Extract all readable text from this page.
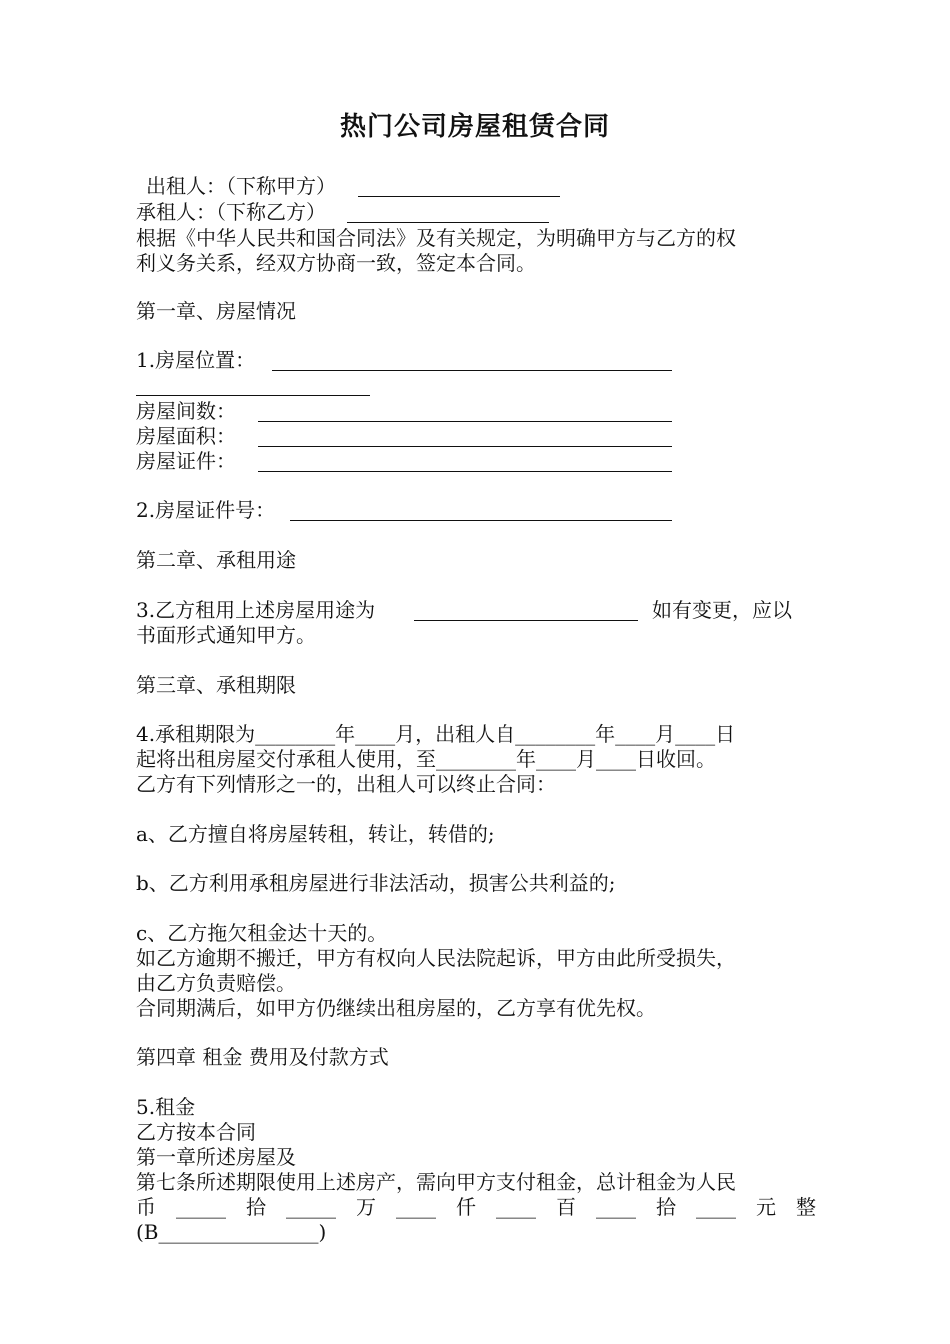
热门公司房屋租赁合同
出租人：（下称甲方）
承租人：（下称乙方）
根据《中华人民共和国合同法》及有关规定，为明确甲方与乙方的权
利义务关系，经双方协商一致，签定本合同。
第一章、房屋情况
1.房屋位置：
房屋间数：
房屋面积：
房屋证件：
2.房屋证件号：
第二章、承租用途
3.乙方租用上述房屋用途为	如有变更，应以
书面形式通知甲方。
第三章、承租期限
4.承租期限为________年____月，出租人自________年____月____日
起将出租房屋交付承租人使用，至________年____月____日收回。
乙方有下列情形之一的，出租人可以终止合同：
a、乙方擅自将房屋转租，转让，转借的;
b、乙方利用承租房屋进行非法活动，损害公共利益的;
c、乙方拖欠租金达十天的。
如乙方逾期不搬迁，甲方有权向人民法院起诉，甲方由此所受损失，
由乙方负责赔偿。
合同期满后，如甲方仍继续出租房屋的，乙方享有优先权。
第四章 租金 费用及付款方式
5.租金
乙方按本合同
第一章所述房屋及
第七条所述期限使用上述房产，需向甲方支付租金，总计租金为人民
币 _____ 拾 _____ 万 ____ 仟 ____ 百 ____ 拾 ____ 元 整
(B________________)
